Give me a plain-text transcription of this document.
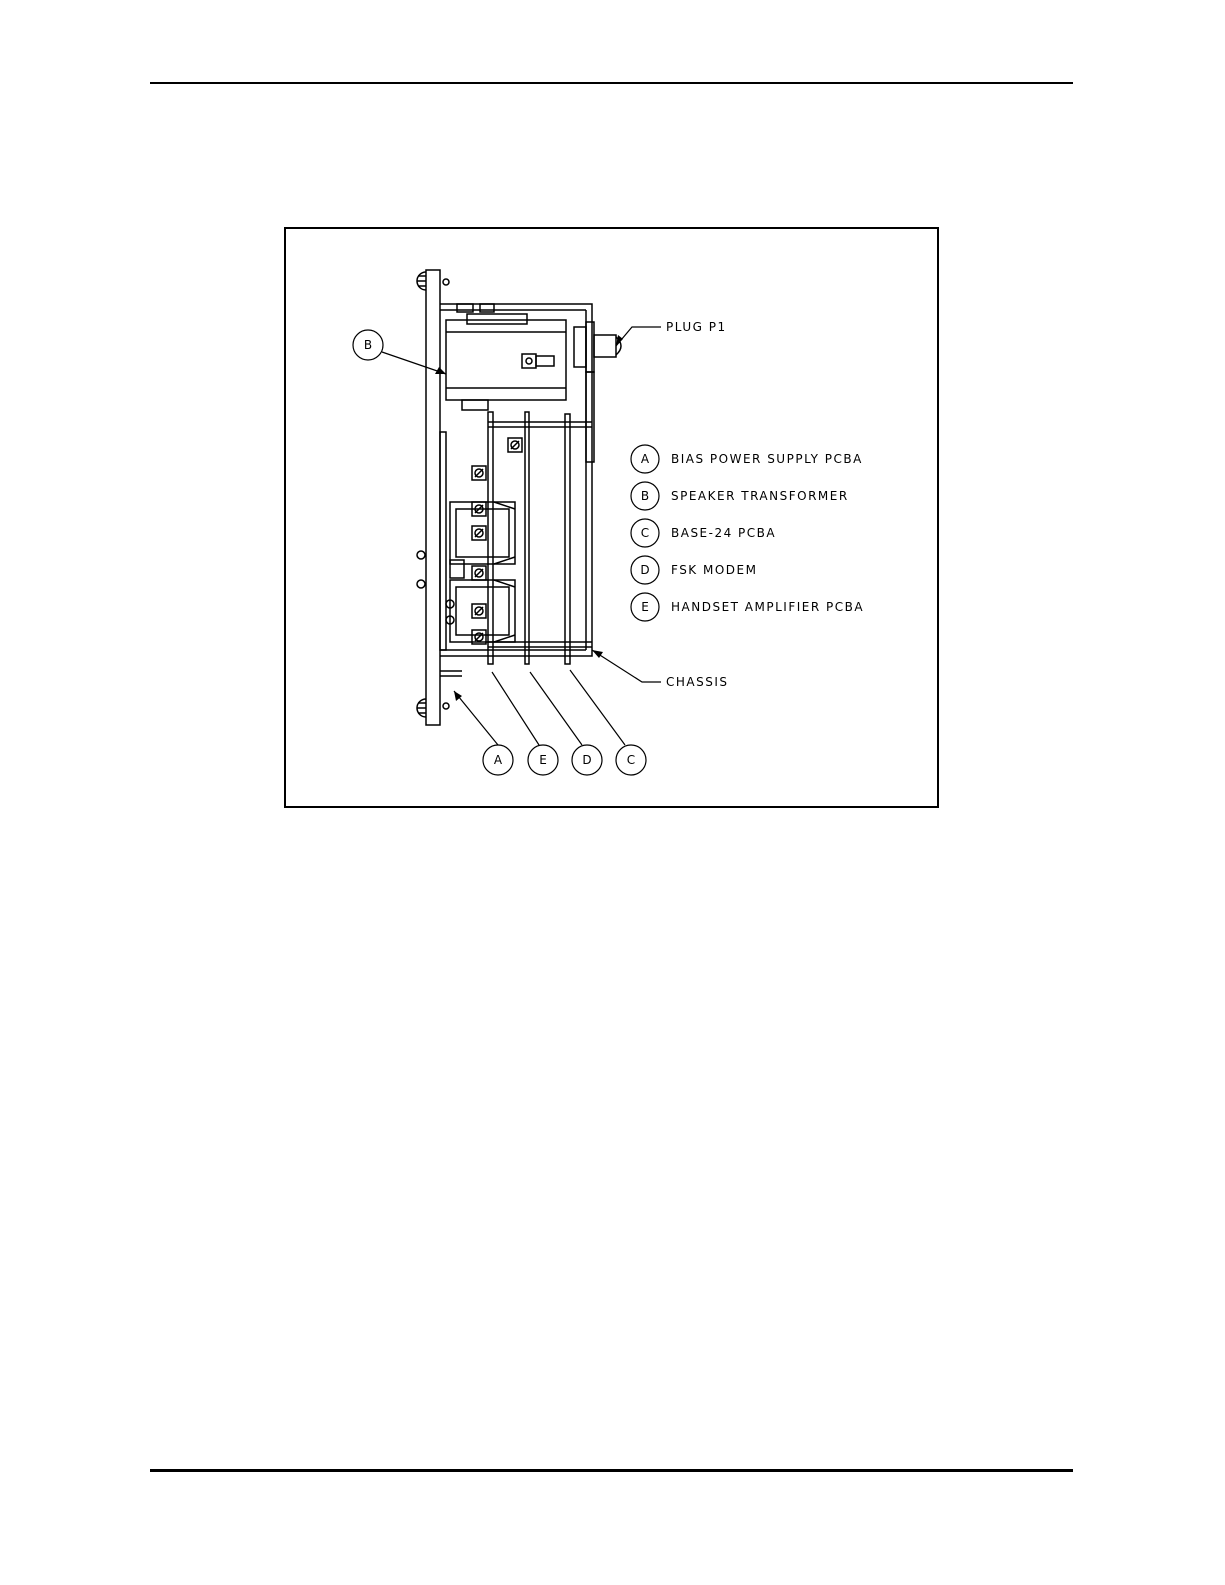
PLUG P1
CHASSIS
B
A	E	D	C
A
B
C
D
E
BIAS POWER SUPPLY PCBA
SPEAKER TRANSFORMER
BASE-24 PCBA
FSK MODEM
HANDSET AMPLIFIER PCBA
